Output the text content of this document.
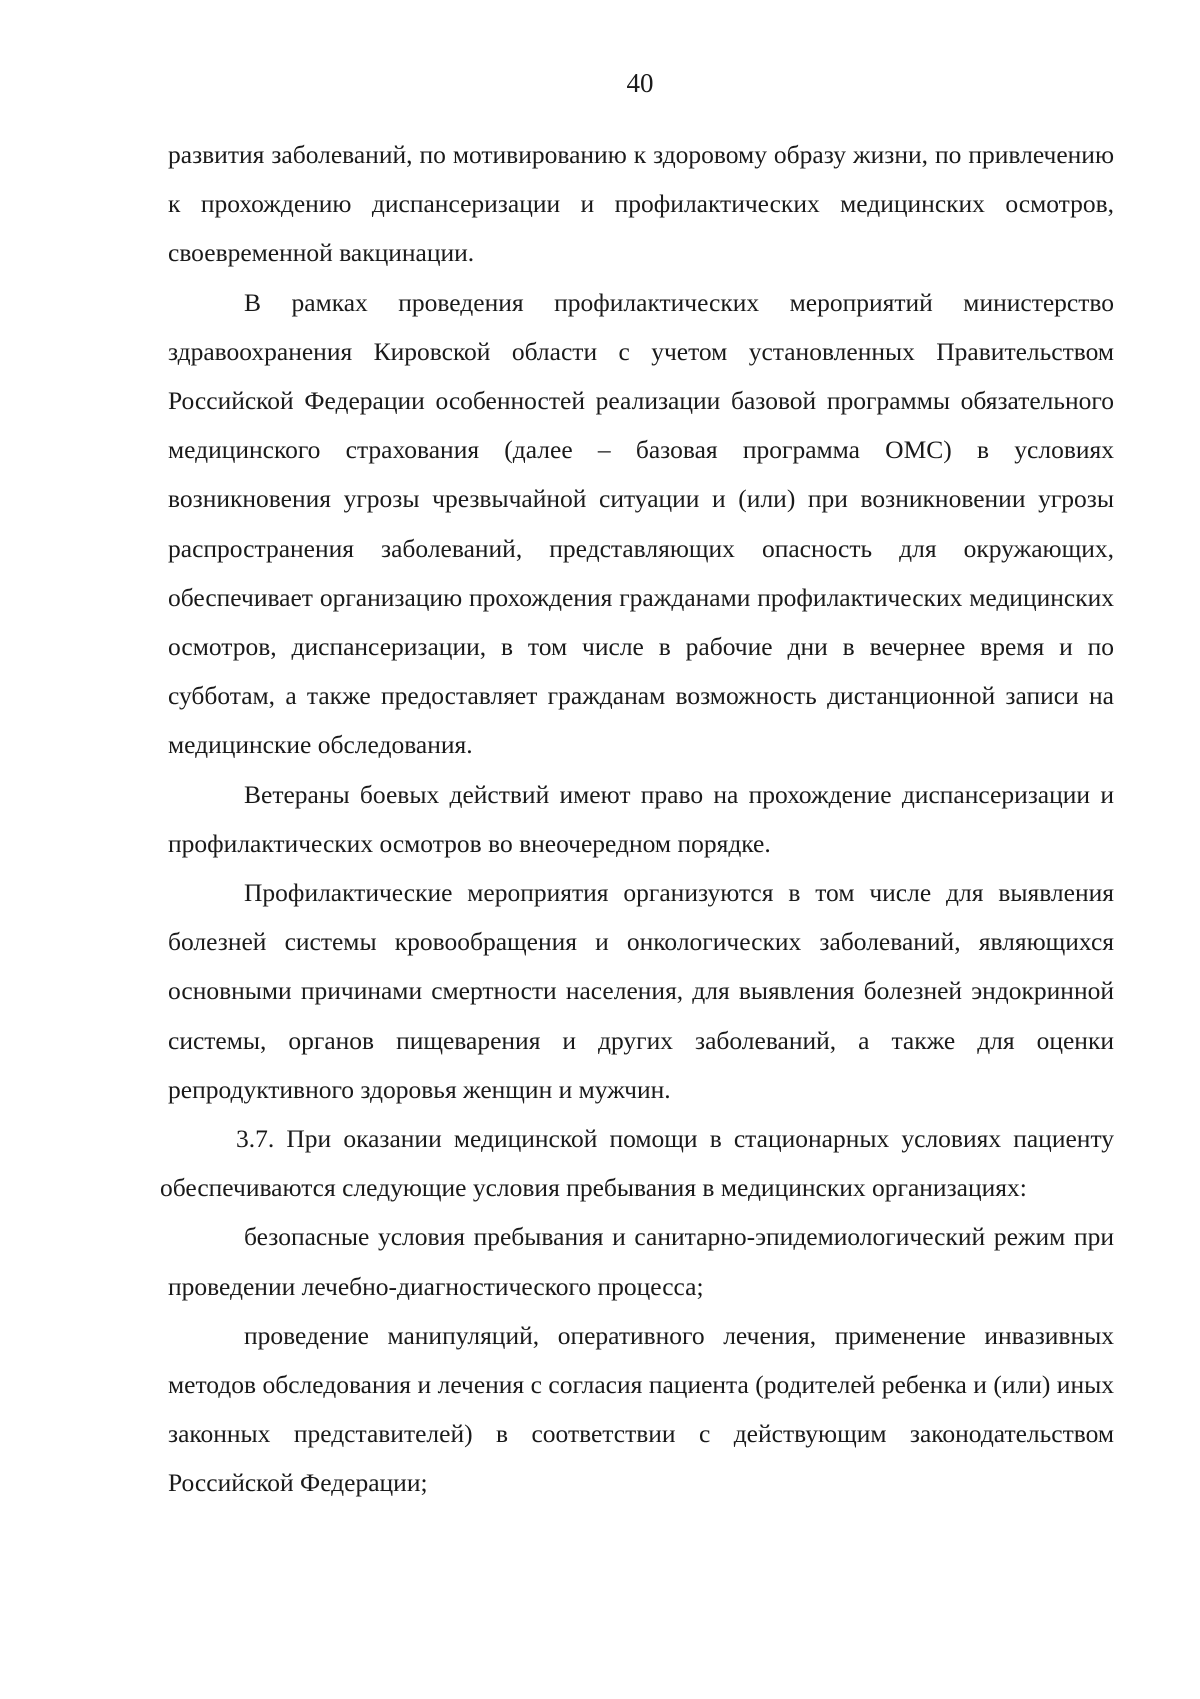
40

развития заболеваний, по мотивированию к здоровому образу жизни, по привлечению к прохождению диспансеризации и профилактических медицинских осмотров, своевременной вакцинации.

В рамках проведения профилактических мероприятий министерство здравоохранения Кировской области с учетом установленных Правительством Российской Федерации особенностей реализации базовой программы обязательного медицинского страхования (далее – базовая программа ОМС) в условиях возникновения угрозы чрезвычайной ситуации и (или) при возникновении угрозы распространения заболеваний, представляющих опасность для окружающих, обеспечивает организацию прохождения гражданами профилактических медицинских осмотров, диспансеризации, в том числе в рабочие дни в вечернее время и по субботам, а также предоставляет гражданам возможность дистанционной записи на медицинские обследования.

Ветераны боевых действий имеют право на прохождение диспансеризации и профилактических осмотров во внеочередном порядке.

Профилактические мероприятия организуются в том числе для выявления болезней системы кровообращения и онкологических заболеваний, являющихся основными причинами смертности населения, для выявления болезней эндокринной системы, органов пищеварения и других заболеваний, а также для оценки репродуктивного здоровья женщин и мужчин.

3.7. При оказании медицинской помощи в стационарных условиях пациенту обеспечиваются следующие условия пребывания в медицинских организациях:

безопасные условия пребывания и санитарно-эпидемиологический режим при проведении лечебно-диагностического процесса;

проведение манипуляций, оперативного лечения, применение инвазивных методов обследования и лечения с согласия пациента (родителей ребенка и (или) иных законных представителей) в соответствии с действующим законодательством Российской Федерации;
